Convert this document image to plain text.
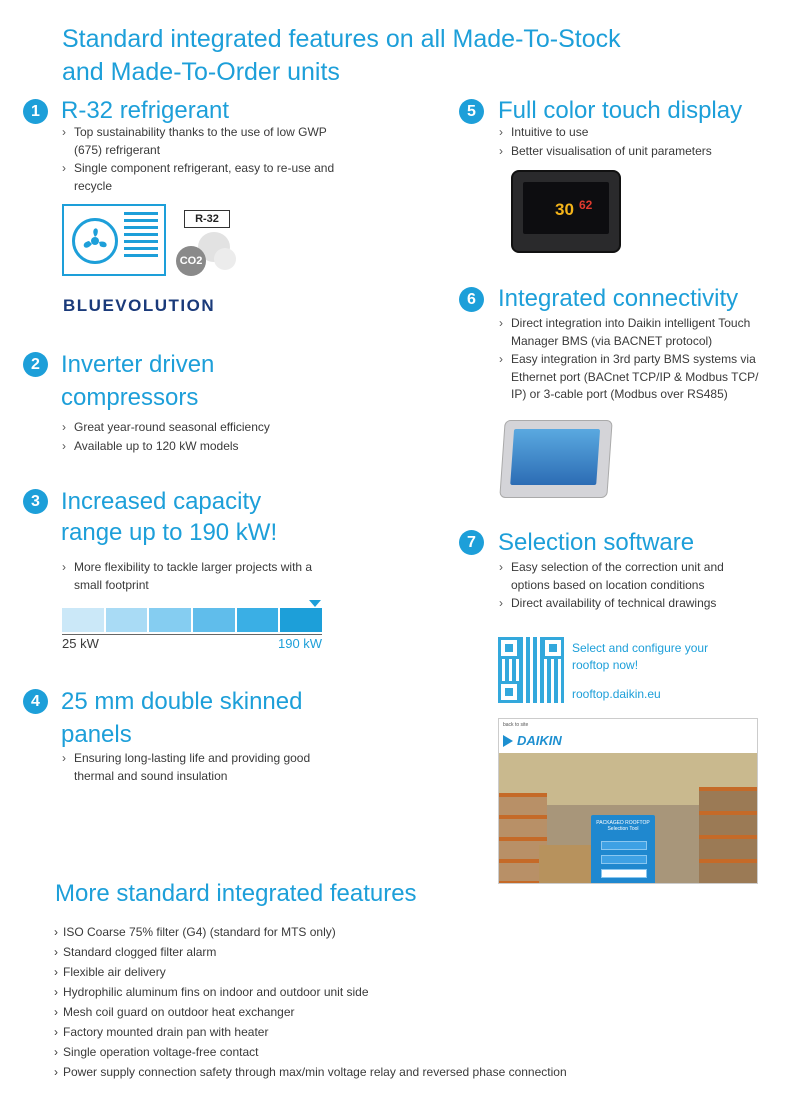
Standard integrated features on all Made-To-Stock
and Made-To-Order units
1 R-32 refrigerant
› Top sustainability thanks to the use of low GWP
(675) refrigerant
› Single component refrigerant, easy to re-use and
recycle
R-32
CO2
BLUEVOLUTION
2 Inverter driven
compressors
› Great year-round seasonal efficiency
› Available up to 120 kW models
3 Increased capacity
range up to 190 kW!
› More flexibility to tackle larger projects with a
small footprint
25 kW	190 kW
4 25 mm double skinned
panels
› Ensuring long-lasting life and providing good
thermal and sound insulation
5 Full color touch display
› Intuitive to use
› Better visualisation of unit parameters
30 62
6 Integrated connectivity
› Direct integration into Daikin intelligent Touch
Manager BMS (via BACNET protocol)
› Easy integration in 3rd party BMS systems via
Ethernet port (BACnet TCP/IP & Modbus TCP/
IP) or 3-cable port (Modbus over RS485)
7 Selection software
› Easy selection of the correction unit and
options based on location conditions
› Direct availability of technical drawings
Select and configure your
rooftop now!
rooftop.daikin.eu
back to site
DAIKIN
PACKAGED ROOFTOP
Selection Tool
More standard integrated features
› ISO Coarse 75% filter (G4) (standard for MTS only)
› Standard clogged filter alarm
› Flexible air delivery
› Hydrophilic aluminum fins on indoor and outdoor unit side
› Mesh coil guard on outdoor heat exchanger
› Factory mounted drain pan with heater
› Single operation voltage-free contact
› Power supply connection safety through max/min voltage relay and reversed phase connection
